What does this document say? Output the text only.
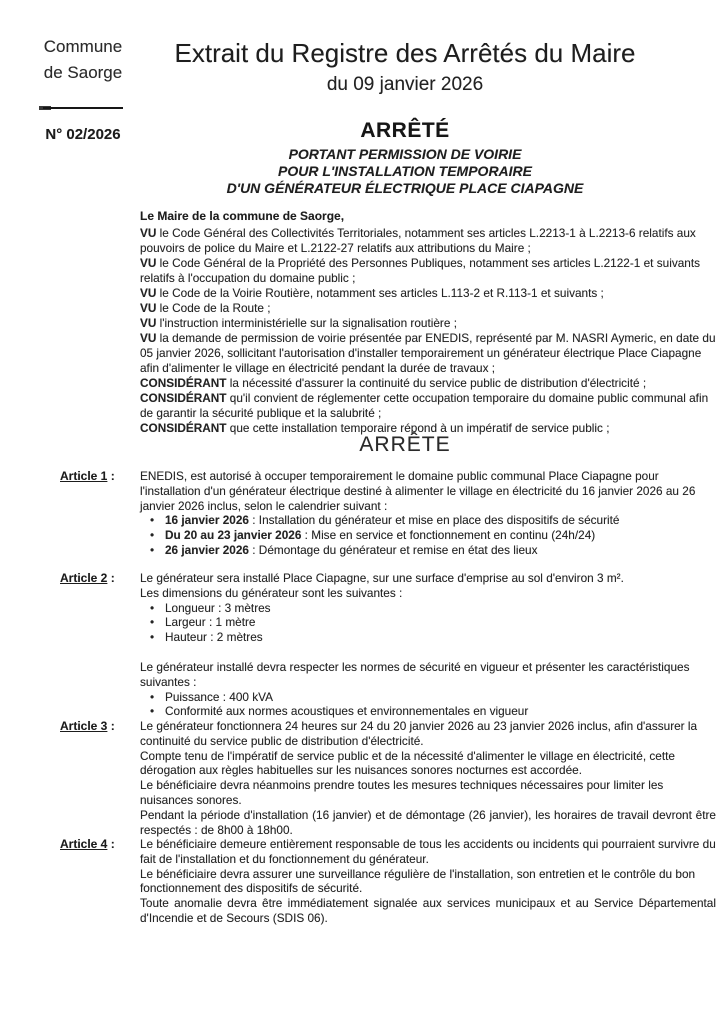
Commune
de Saorge
N° 02/2026
Extrait du Registre des Arrêtés du Maire
du 09 janvier 2026
ARRÊTÉ
PORTANT PERMISSION DE VOIRIE
POUR L'INSTALLATION TEMPORAIRE
D'UN GÉNÉRATEUR ÉLECTRIQUE PLACE CIAPAGNE
Le Maire de la commune de Saorge,

VU le Code Général des Collectivités Territoriales, notamment ses articles L.2213-1 à L.2213-6 relatifs aux pouvoirs de police du Maire et L.2122-27 relatifs aux attributions du Maire ;

VU le Code Général de la Propriété des Personnes Publiques, notamment ses articles L.2122-1 et suivants relatifs à l'occupation du domaine public ;

VU le Code de la Voirie Routière, notamment ses articles L.113-2 et R.113-1 et suivants ;

VU le Code de la Route ;

VU l'instruction interministérielle sur la signalisation routière ;

VU la demande de permission de voirie présentée par ENEDIS, représenté par M. NASRI Aymeric, en date du 05 janvier 2026, sollicitant l'autorisation d'installer temporairement un générateur électrique Place Ciapagne afin d'alimenter le village en électricité pendant la durée de travaux ;

CONSIDÉRANT la nécessité d'assurer la continuité du service public de distribution d'électricité ;

CONSIDÉRANT qu'il convient de réglementer cette occupation temporaire du domaine public communal afin de garantir la sécurité publique et la salubrité ;

CONSIDÉRANT que cette installation temporaire répond à un impératif de service public ;

ARRÊTE
Article 1 : ENEDIS, est autorisé à occuper temporairement le domaine public communal Place Ciapagne pour l'installation d'un générateur électrique destiné à alimenter le village en électricité du 16 janvier 2026 au 26 janvier 2026 inclus, selon le calendrier suivant :

• 16 janvier 2026 : Installation du générateur et mise en place des dispositifs de sécurité
• Du 20 au 23 janvier 2026 : Mise en service et fonctionnement en continu (24h/24)
• 26 janvier 2026 : Démontage du générateur et remise en état des lieux
Article 2 : Le générateur sera installé Place Ciapagne, sur une surface d'emprise au sol d'environ 3 m².

Les dimensions du générateur sont les suivantes :

• Longueur : 3 mètres
• Largeur : 1 mètre
• Hauteur : 2 mètres

Le générateur installé devra respecter les normes de sécurité en vigueur et présenter les caractéristiques suivantes :

• Puissance : 400 kVA
• Conformité aux normes acoustiques et environnementales en vigueur
Article 3 : Le générateur fonctionnera 24 heures sur 24 du 20 janvier 2026 au 23 janvier 2026 inclus, afin d'assurer la continuité du service public de distribution d'électricité.

Compte tenu de l'impératif de service public et de la nécessité d'alimenter le village en électricité, cette dérogation aux règles habituelles sur les nuisances sonores nocturnes est accordée.

Le bénéficiaire devra néanmoins prendre toutes les mesures techniques nécessaires pour limiter les nuisances sonores.

Pendant la période d'installation (16 janvier) et de démontage (26 janvier), les horaires de travail devront être respectés : de 8h00 à 18h00.

Article 4 : Le bénéficiaire demeure entièrement responsable de tous les accidents ou incidents qui pourraient survivre du fait de l'installation et du fonctionnement du générateur.

Le bénéficiaire devra assurer une surveillance régulière de l'installation, son entretien et le contrôle du bon fonctionnement des dispositifs de sécurité.

Toute anomalie devra être immédiatement signalée aux services municipaux et au Service Départemental d'Incendie et de Secours (SDIS 06).
